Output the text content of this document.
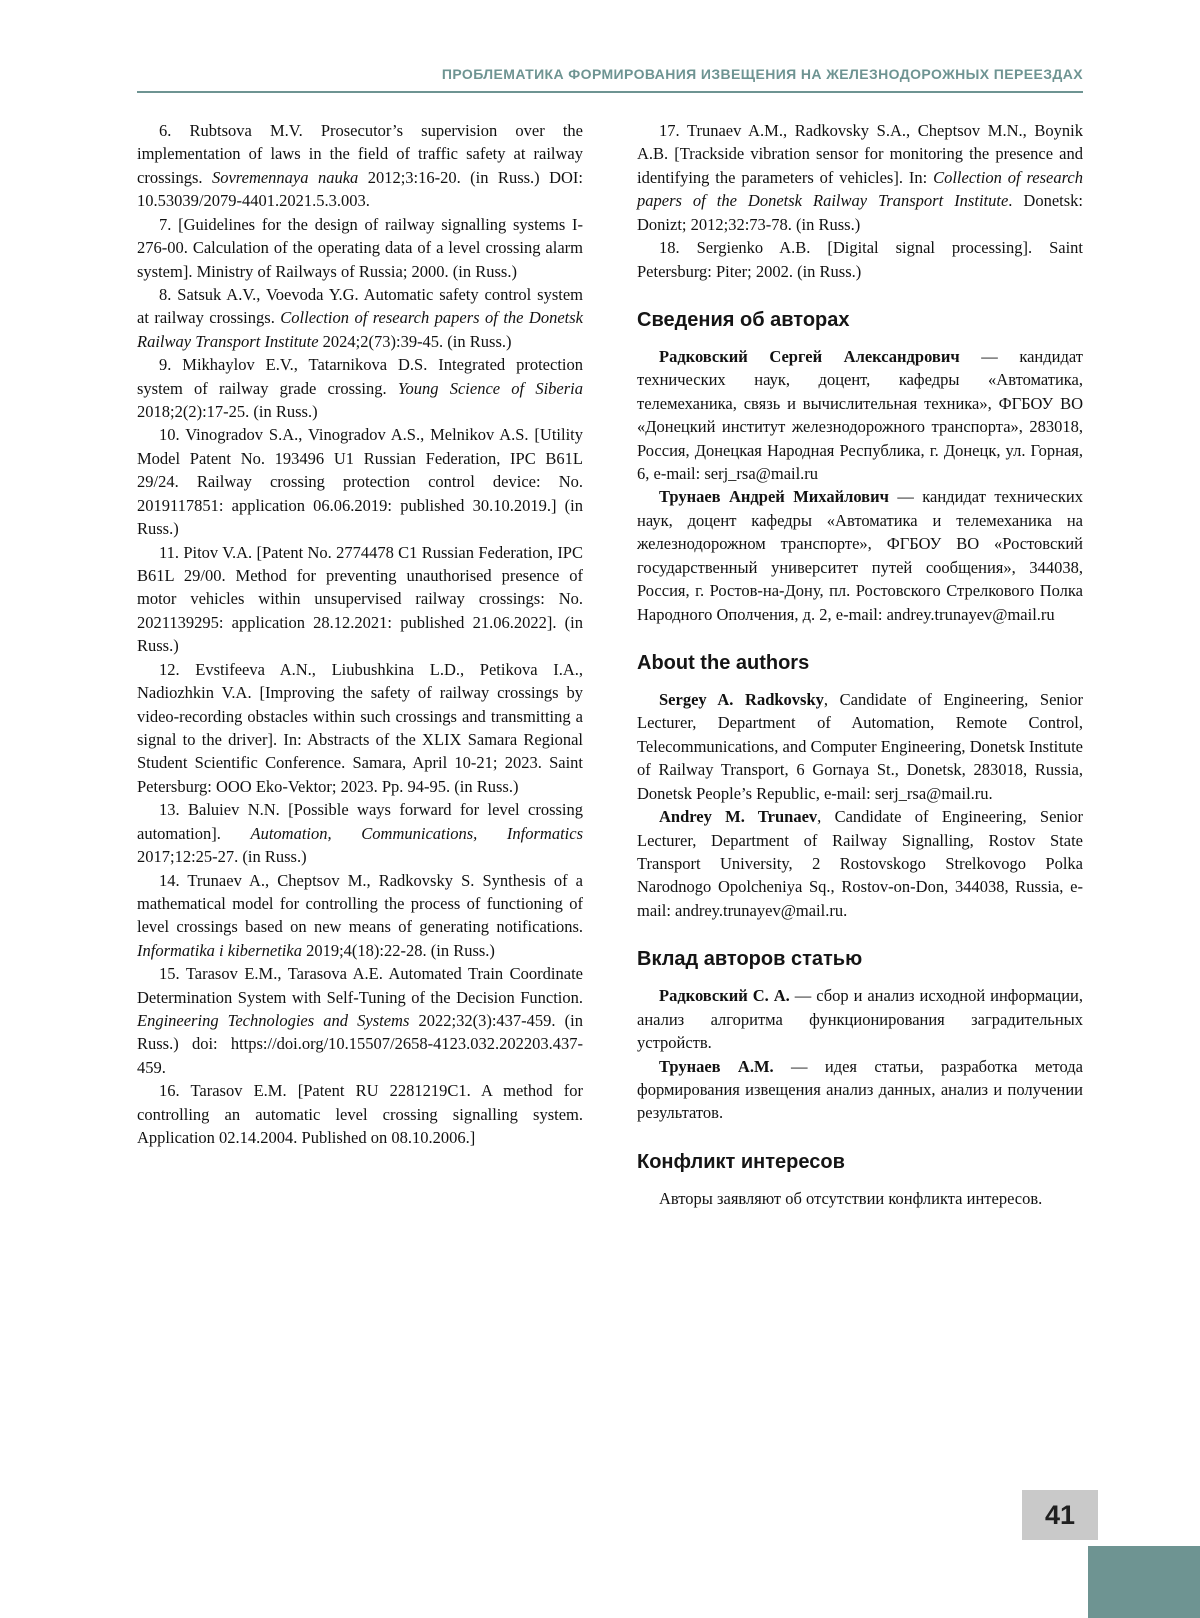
ПРОБЛЕМАТИКА ФОРМИРОВАНИЯ ИЗВЕЩЕНИЯ НА ЖЕЛЕЗНОДОРОЖНЫХ ПЕРЕЕЗДАХ

6. Rubtsova M.V. Prosecutor’s supervision over the implementation of laws in the field of traffic safety at railway crossings. Sovremennaya nauka 2012;3:16-20. (in Russ.) DOI: 10.53039/2079-4401.2021.5.3.003.

7. [Guidelines for the design of railway signalling systems I-276-00. Calculation of the operating data of a level crossing alarm system]. Ministry of Railways of Russia; 2000. (in Russ.)

8. Satsuk A.V., Voevoda Y.G. Automatic safety control system at railway crossings. Collection of research papers of the Donetsk Railway Transport Institute 2024;2(73):39-45. (in Russ.)

9. Mikhaylov E.V., Tatarnikova D.S. Integrated protection system of railway grade crossing. Young Science of Siberia 2018;2(2):17-25. (in Russ.)

10. Vinogradov S.A., Vinogradov A.S., Melnikov A.S. [Utility Model Patent No. 193496 U1 Russian Federation, IPC B61L 29/24. Railway crossing protection control device: No. 2019117851: application 06.06.2019: published 30.10.2019.] (in Russ.)

11. Pitov V.A. [Patent No. 2774478 C1 Russian Federation, IPC B61L 29/00. Method for preventing unauthorised presence of motor vehicles within unsupervised railway crossings: No. 2021139295: application 28.12.2021: published 21.06.2022]. (in Russ.)

12. Evstifeeva A.N., Liubushkina L.D., Petikova I.A., Nadiozhkin V.A. [Improving the safety of railway crossings by video-recording obstacles within such crossings and transmitting a signal to the driver]. In: Abstracts of the XLIX Samara Regional Student Scientific Conference. Samara, April 10-21; 2023. Saint Petersburg: OOO Eko-Vektor; 2023. Pp. 94-95. (in Russ.)

13. Baluiev N.N. [Possible ways forward for level crossing automation]. Automation, Communications, Informatics 2017;12:25-27. (in Russ.)

14. Trunaev A., Cheptsov M., Radkovsky S. Synthesis of a mathematical model for controlling the process of functioning of level crossings based on new means of generating notifications. Informatika i kibernetika 2019;4(18):22-28. (in Russ.)

15. Tarasov E.M., Tarasova A.E. Automated Train Coordinate Determination System with Self-Tuning of the Decision Function. Engineering Technologies and Systems 2022;32(3):437-459. (in Russ.) doi: https://doi.org/10.15507/2658-4123.032.202203.437-459.

16. Tarasov E.M. [Patent RU 2281219C1. A method for controlling an automatic level crossing signalling system. Application 02.14.2004. Published on 08.10.2006.]

17. Trunaev A.M., Radkovsky S.A., Cheptsov M.N., Boynik A.B. [Trackside vibration sensor for monitoring the presence and identifying the parameters of vehicles]. In: Collection of research papers of the Donetsk Railway Transport Institute. Donetsk: Donizt; 2012;32:73-78. (in Russ.)

18. Sergienko A.B. [Digital signal processing]. Saint Petersburg: Piter; 2002. (in Russ.)

Сведения об авторах

Радковский Сергей Александрович — кандидат технических наук, доцент, кафедры «Автоматика, телемеханика, связь и вычислительная техника», ФГБОУ ВО «Донецкий институт железнодорожного транспорта», 283018, Россия, Донецкая Народная Республика, г. Донецк, ул. Горная, 6, e-mail: serj_rsa@mail.ru

Трунаев Андрей Михайлович — кандидат технических наук, доцент кафедры «Автоматика и телемеханика на железнодорожном транспорте», ФГБОУ ВО «Ростовский государственный университет путей сообщения», 344038, Россия, г. Ростов-на-Дону, пл. Ростовского Стрелкового Полка Народного Ополчения, д. 2, e-mail: andrey.trunayev@mail.ru

About the authors

Sergey A. Radkovsky, Candidate of Engineering, Senior Lecturer, Department of Automation, Remote Control, Telecommunications, and Computer Engineering, Donetsk Institute of Railway Transport, 6 Gornaya St., Donetsk, 283018, Russia, Donetsk People’s Republic, e-mail: serj_rsa@mail.ru.

Andrey M. Trunaev, Candidate of Engineering, Senior Lecturer, Department of Railway Signalling, Rostov State Transport University, 2 Rostovskogo Strelkovogo Polka Narodnogo Opolcheniya Sq., Rostov-on-Don, 344038, Russia, e-mail: andrey.trunayev@mail.ru.

Вклад авторов статью

Радковский С. А. — сбор и анализ исходной информации, анализ алгоритма функционирования заградительных устройств.

Трунаев А.М. — идея статьи, разработка метода формирования извещения анализ данных, анализ и получении результатов.

Конфликт интересов

Авторы заявляют об отсутствии конфликта интересов.

41
